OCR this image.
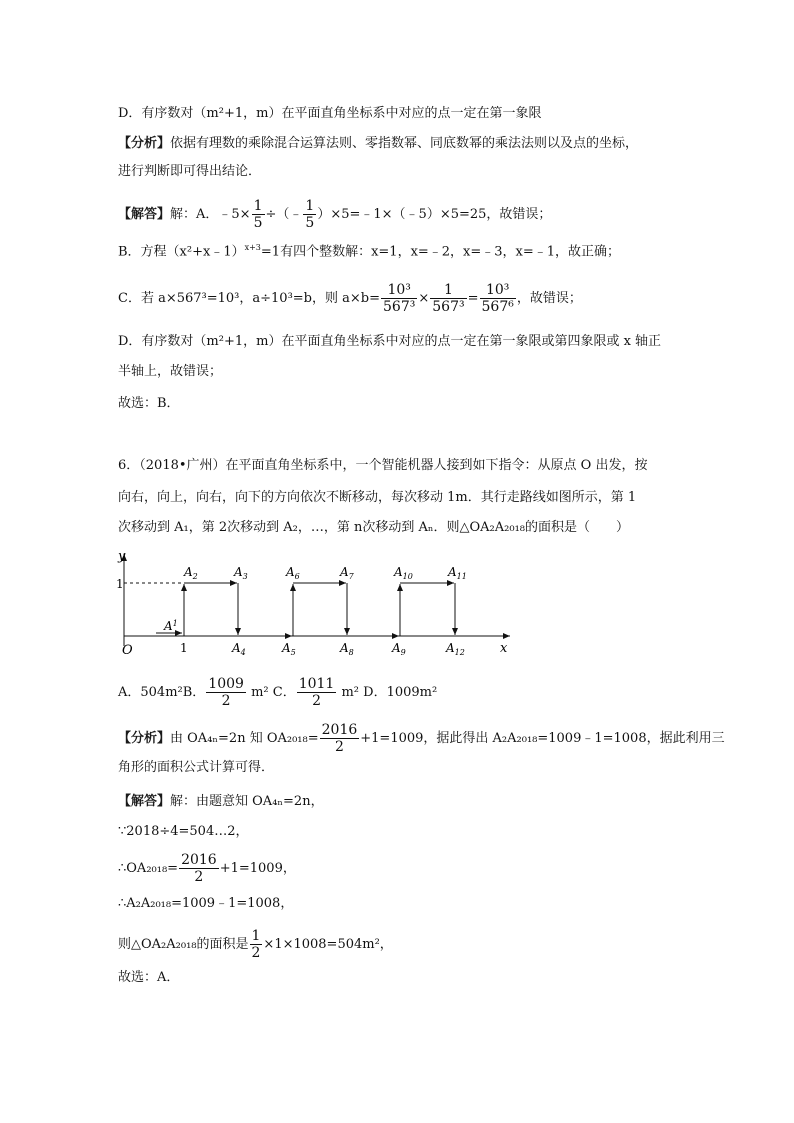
D．有序数对（m²+1，m）在平面直角坐标系中对应的点一定在第一象限
【分析】依据有理数的乘除混合运算法则、零指数幂、同底数幂的乘法法则以及点的坐标，
进行判断即可得出结论．
【解答】解：A．﹣5× $\frac{1}{5}$ ÷（﹣ $\frac{1}{5}$ ）×5=﹣1×（﹣5）×5=25，故错误；
B．方程（x²+x﹣1）$^{x+3}$=1有四个整数解：x=1，x=﹣2，x=﹣3，x=﹣1，故正确；
C．若 a×567³=10³，a÷10³=b，则 $a\times b= \frac{\text{10³}}{\text{567³}} \times \frac{1}{\text{567³}} = \frac{\text{10³}}{\text{567⁶}}$ ，故错误；
D．有序数对（m²+1，m）在平面直角坐标系中对应的点一定在第一象限或第四象限或 x 轴正
半轴上，故错误；
故选：B．
6．（2018•广州）在平面直角坐标系中，一个智能机器人接到如下指令：从原点 O 出发，按
向右，向上，向右，向下的方向依次不断移动，每次移动 1m．其行走路线如图所示，第 1
次移动到 A₁，第 2次移动到 A₂，…，第 n次移动到 Aₙ．则△OA₂A₂₀₁₈的面积是（　　）
y
x
O
1
1
$A^1$
$A_2$	$A_3$
$A_4$	$A_5$
$A_6$	$A_7$
$A_8$	$A_9$
$A_{10}$	$A_{11}$
$A_{12}$
A．504m²B． $\frac{1009}{2} m^2$ C． $\frac{1011}{2} m^2$ D．1009m²
【分析】由 OA₄ₙ=2n 知 $OA_{2018}= \frac{2016}{2} +1=1009$，据此得出 A₂A₂₀₁₈=1009﹣1=1008，据此利用三
角形的面积公式计算可得．
【解答】解：由题意知 OA₄ₙ=2n，
∵2018÷4=504…2，
∴OA₂₀₁₈= $\frac{2016}{2} +1=1009$，
∴A₂A₂₀₁₈=1009﹣1=1008，
则△OA₂A₂₀₁₈的面积是 $\frac{1}{2} \times 1\times 1008=504m^2$，
故选：A．
